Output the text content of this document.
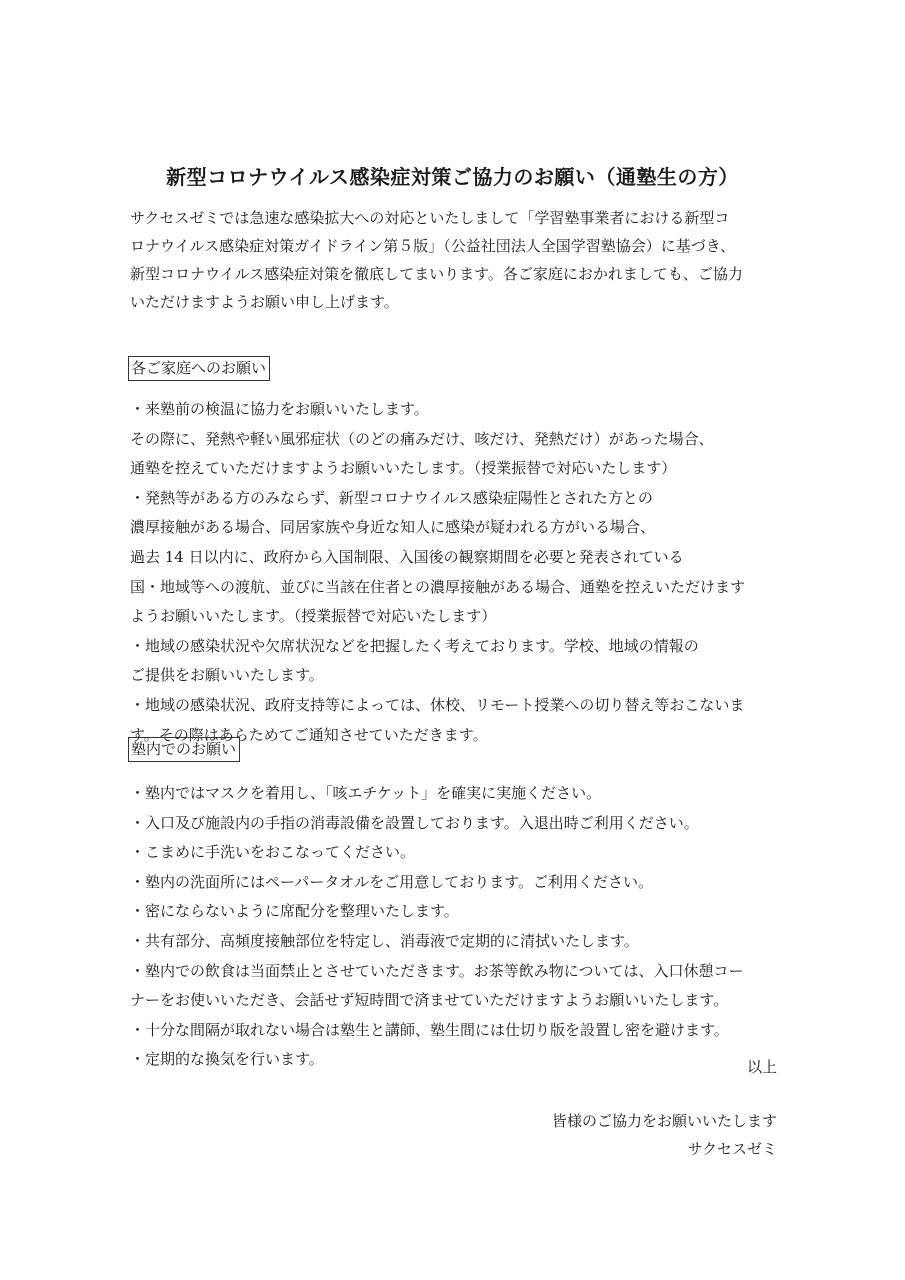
新型コロナウイルス感染症対策ご協力のお願い（通塾生の方）

サクセスゼミでは急速な感染拡大への対応といたしまして「学習塾事業者における新型コ

ロナウイルス感染症対策ガイドライン第５版」（公益社団法人全国学習塾協会）に基づき、

新型コロナウイルス感染症対策を徹底してまいります。各ご家庭におかれましても、ご協力

いただけますようお願い申し上げます。

各ご家庭へのお願い

・来塾前の検温に協力をお願いいたします。

その際に、発熱や軽い風邪症状（のどの痛みだけ、咳だけ、発熱だけ）があった場合、

通塾を控えていただけますようお願いいたします。（授業振替で対応いたします）

・発熱等がある方のみならず、新型コロナウイルス感染症陽性とされた方との

濃厚接触がある場合、同居家族や身近な知人に感染が疑われる方がいる場合、

過去 14 日以内に、政府から入国制限、入国後の観察期間を必要と発表されている

国・地域等への渡航、並びに当該在住者との濃厚接触がある場合、通塾を控えいただけます

ようお願いいたします。（授業振替で対応いたします）

・地域の感染状況や欠席状況などを把握したく考えております。学校、地域の情報の

ご提供をお願いいたします。

・地域の感染状況、政府支持等によっては、休校、リモート授業への切り替え等おこないま

す。その際はあらためてご通知させていただきます。

塾内でのお願い

・塾内ではマスクを着用し、「咳エチケット」を確実に実施ください。

・入口及び施設内の手指の消毒設備を設置しております。入退出時ご利用ください。

・こまめに手洗いをおこなってください。

・塾内の洗面所にはペーパータオルをご用意しております。ご利用ください。

・密にならないように席配分を整理いたします。

・共有部分、高頻度接触部位を特定し、消毒液で定期的に清拭いたします。

・塾内での飲食は当面禁止とさせていただきます。お茶等飲み物については、入口休憩コー

ナーをお使いいただき、会話せず短時間で済ませていただけますようお願いいたします。

・十分な間隔が取れない場合は塾生と講師、塾生間には仕切り版を設置し密を避けます。

・定期的な換気を行います。	以上
皆様のご協力をお願いいたします
サクセスゼミ
